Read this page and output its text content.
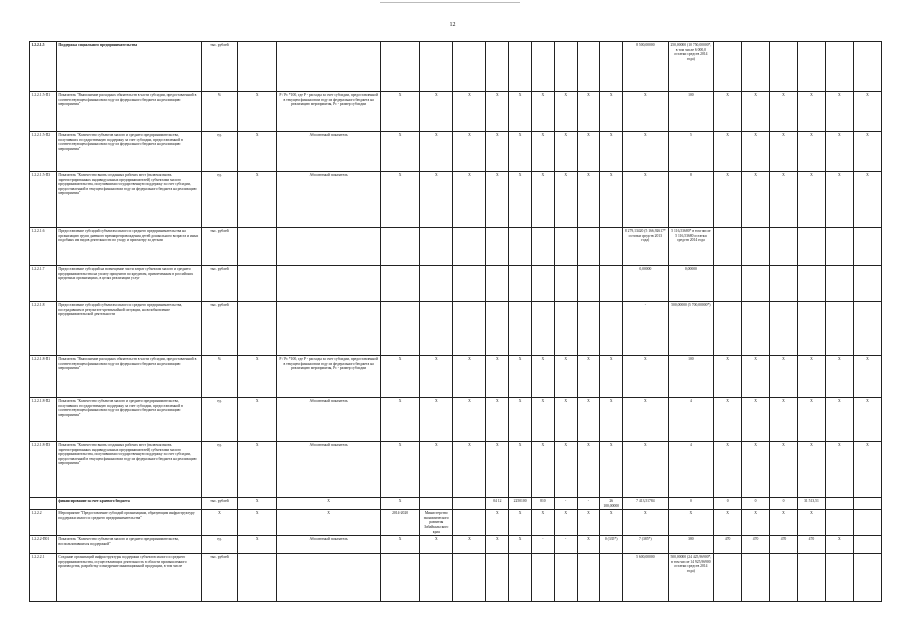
12
1.2.2.1.5	Поддержка социального предпринимательства	тыс. рублей												8 500,00000	250,00000 (10 750,00000*, в том числе 6 000,0 остатки средств 2014 года)						
1.2.2.1.5-П1	Показатель "Выполнение расходных обязательств в части субсидии, предоставленной в соответствующем финансовом году из федерального бюджета на реализацию мероприятия"	%	Х	Р / Рс *100, где Р - расходы за счет субсидии, предоставленной в текущем финансовом году из федерального бюджета на реализацию мероприятия, Рс - размер субсидии	Х	Х	Х	Х	Х	Х	Х	Х	Х	Х	100	Х	Х	Х	Х	Х	Х
1.2.2.1.5-П2	Показатель "Количество субъектов малого и среднего предпринимательства, получивших государственную поддержку за счет субсидии, предоставленной в соответствующем финансовом году из федерального бюджета на реализацию мероприятия"	ед.	Х	Абсолютный показатель	Х	Х	Х	Х	Х	Х	Х	Х	Х	Х	5	Х	Х	Х	Х	Х	Х
1.2.2.1.5-П3	Показатель "Количество вновь созданных рабочих мест (включая вновь зарегистрированных индивидуальных предпринимателей) субъектами малого предпринимательства, получившими государственную поддержку за счет субсидии, предоставленной в текущем финансовом году из федерального бюджета на реализацию мероприятия"	ед.	Х	Абсолютный показатель	Х	Х	Х	Х	Х	Х	Х	Х	Х	Х	8	Х	Х	Х	Х	Х	Х
1.2.2.1.6	Предоставление субсидий субъектам малого и среднего предпринимательства на организацию групп дневного времяпрепровождения детей дошкольного возраста и иных подобных им видов деятельности по уходу и присмотру за детьми	тыс. рублей												8 279,13420 (5 166,92617* остатки средств 2013 года)	5 116,53680* в том числе 5 116,53680 остатки средств 2014 года						
1.2.2.1.7	Предоставление субсидий на возмещение части затрат субъектам малого и среднего предпринимательства на уплату процентов по кредитам, привлеченным в российских кредитных организациях, в целях реализации услуг	тыс. рублей												0,00000	0,00000						
1.2.2.1.8	Предоставление субсидий субъектам малого и среднего предпринимательства, пострадавшим в результате чрезвычайной ситуации, на возобновление предпринимательской деятельности	тыс. рублей												-	500,00000 (5 700,00000*)						
1.2.2.1.8-П1	Показатель "Выполнение расходных обязательств в части субсидии, предоставленной в соответствующем финансовом году из федерального бюджета на реализацию мероприятия"	%	Х	Р / Рс *100, где Р - расходы за счет субсидии, предоставленной в текущем финансовом году из федерального бюджета на реализацию мероприятия, Рс - размер субсидии	Х	Х	Х	Х	Х	Х	Х	Х	Х	Х	100	Х	Х	Х	Х	Х	Х
1.2.2.1.8-П2	Показатель "Количество субъектов малого и среднего предпринимательства, получивших государственную поддержку за счет субсидии, предоставленной в соответствующем финансовом году из федерального бюджета на реализацию мероприятия"	ед.	Х	Абсолютный показатель	Х	Х	Х	Х	Х	Х	Х	Х	Х	Х	4	Х	Х	Х	Х	Х	Х
1.2.2.1.8-П3	Показатель "Количество вновь созданных рабочих мест (включая вновь зарегистрированных индивидуальных предпринимателей) субъектами малого предпринимательства, получившими государственную поддержку за счет субсидии, предоставленной в текущем финансовом году из федерального бюджета на реализацию мероприятия"	ед.	Х	Абсолютный показатель	Х	Х	Х	Х	Х	Х	Х	Х	Х	Х	4	Х	Х	Х	Х	Х	Х
	финансирование за счет краевого бюджета	тыс. рублей	Х	Х	Х			04 12	2250100	810	-	-	26 100,00000	7 413,51784	0	0	0	0	31 513,51		
1.2.2.2	Мероприятие "Предоставление субсидий организациям, образующим инфраструктуру поддержки малого и среднего предпринимательства"	Х	Х	Х	2014-2020	Министерство экономического развития Забайкальского края		Х	Х	Х	Х	Х	Х	Х	Х	Х	Х	Х	Х		
1.2.2.2-П01	Показатель "Количество субъектов малого и среднего предпринимательства, воспользовавшихся поддержкой"	ед.	Х	Абсолютный показатель	Х	Х	Х	Х	Х	-	-	Х	0 (335*)	7 (385*)	380	470	470	470	470	Х	
1.2.2.2.1	Создание организаций инфраструктуры поддержки субъектов малого и среднего предпринимательства, осуществляющих деятельность в области промышленного производства, разработку и внедрение инновационной продукции, в том числе	тыс. рублей												5 600,00000	500,00000 (24 425,96900*, в том числе 14 925,96900 остатки средств 2014 года)						
